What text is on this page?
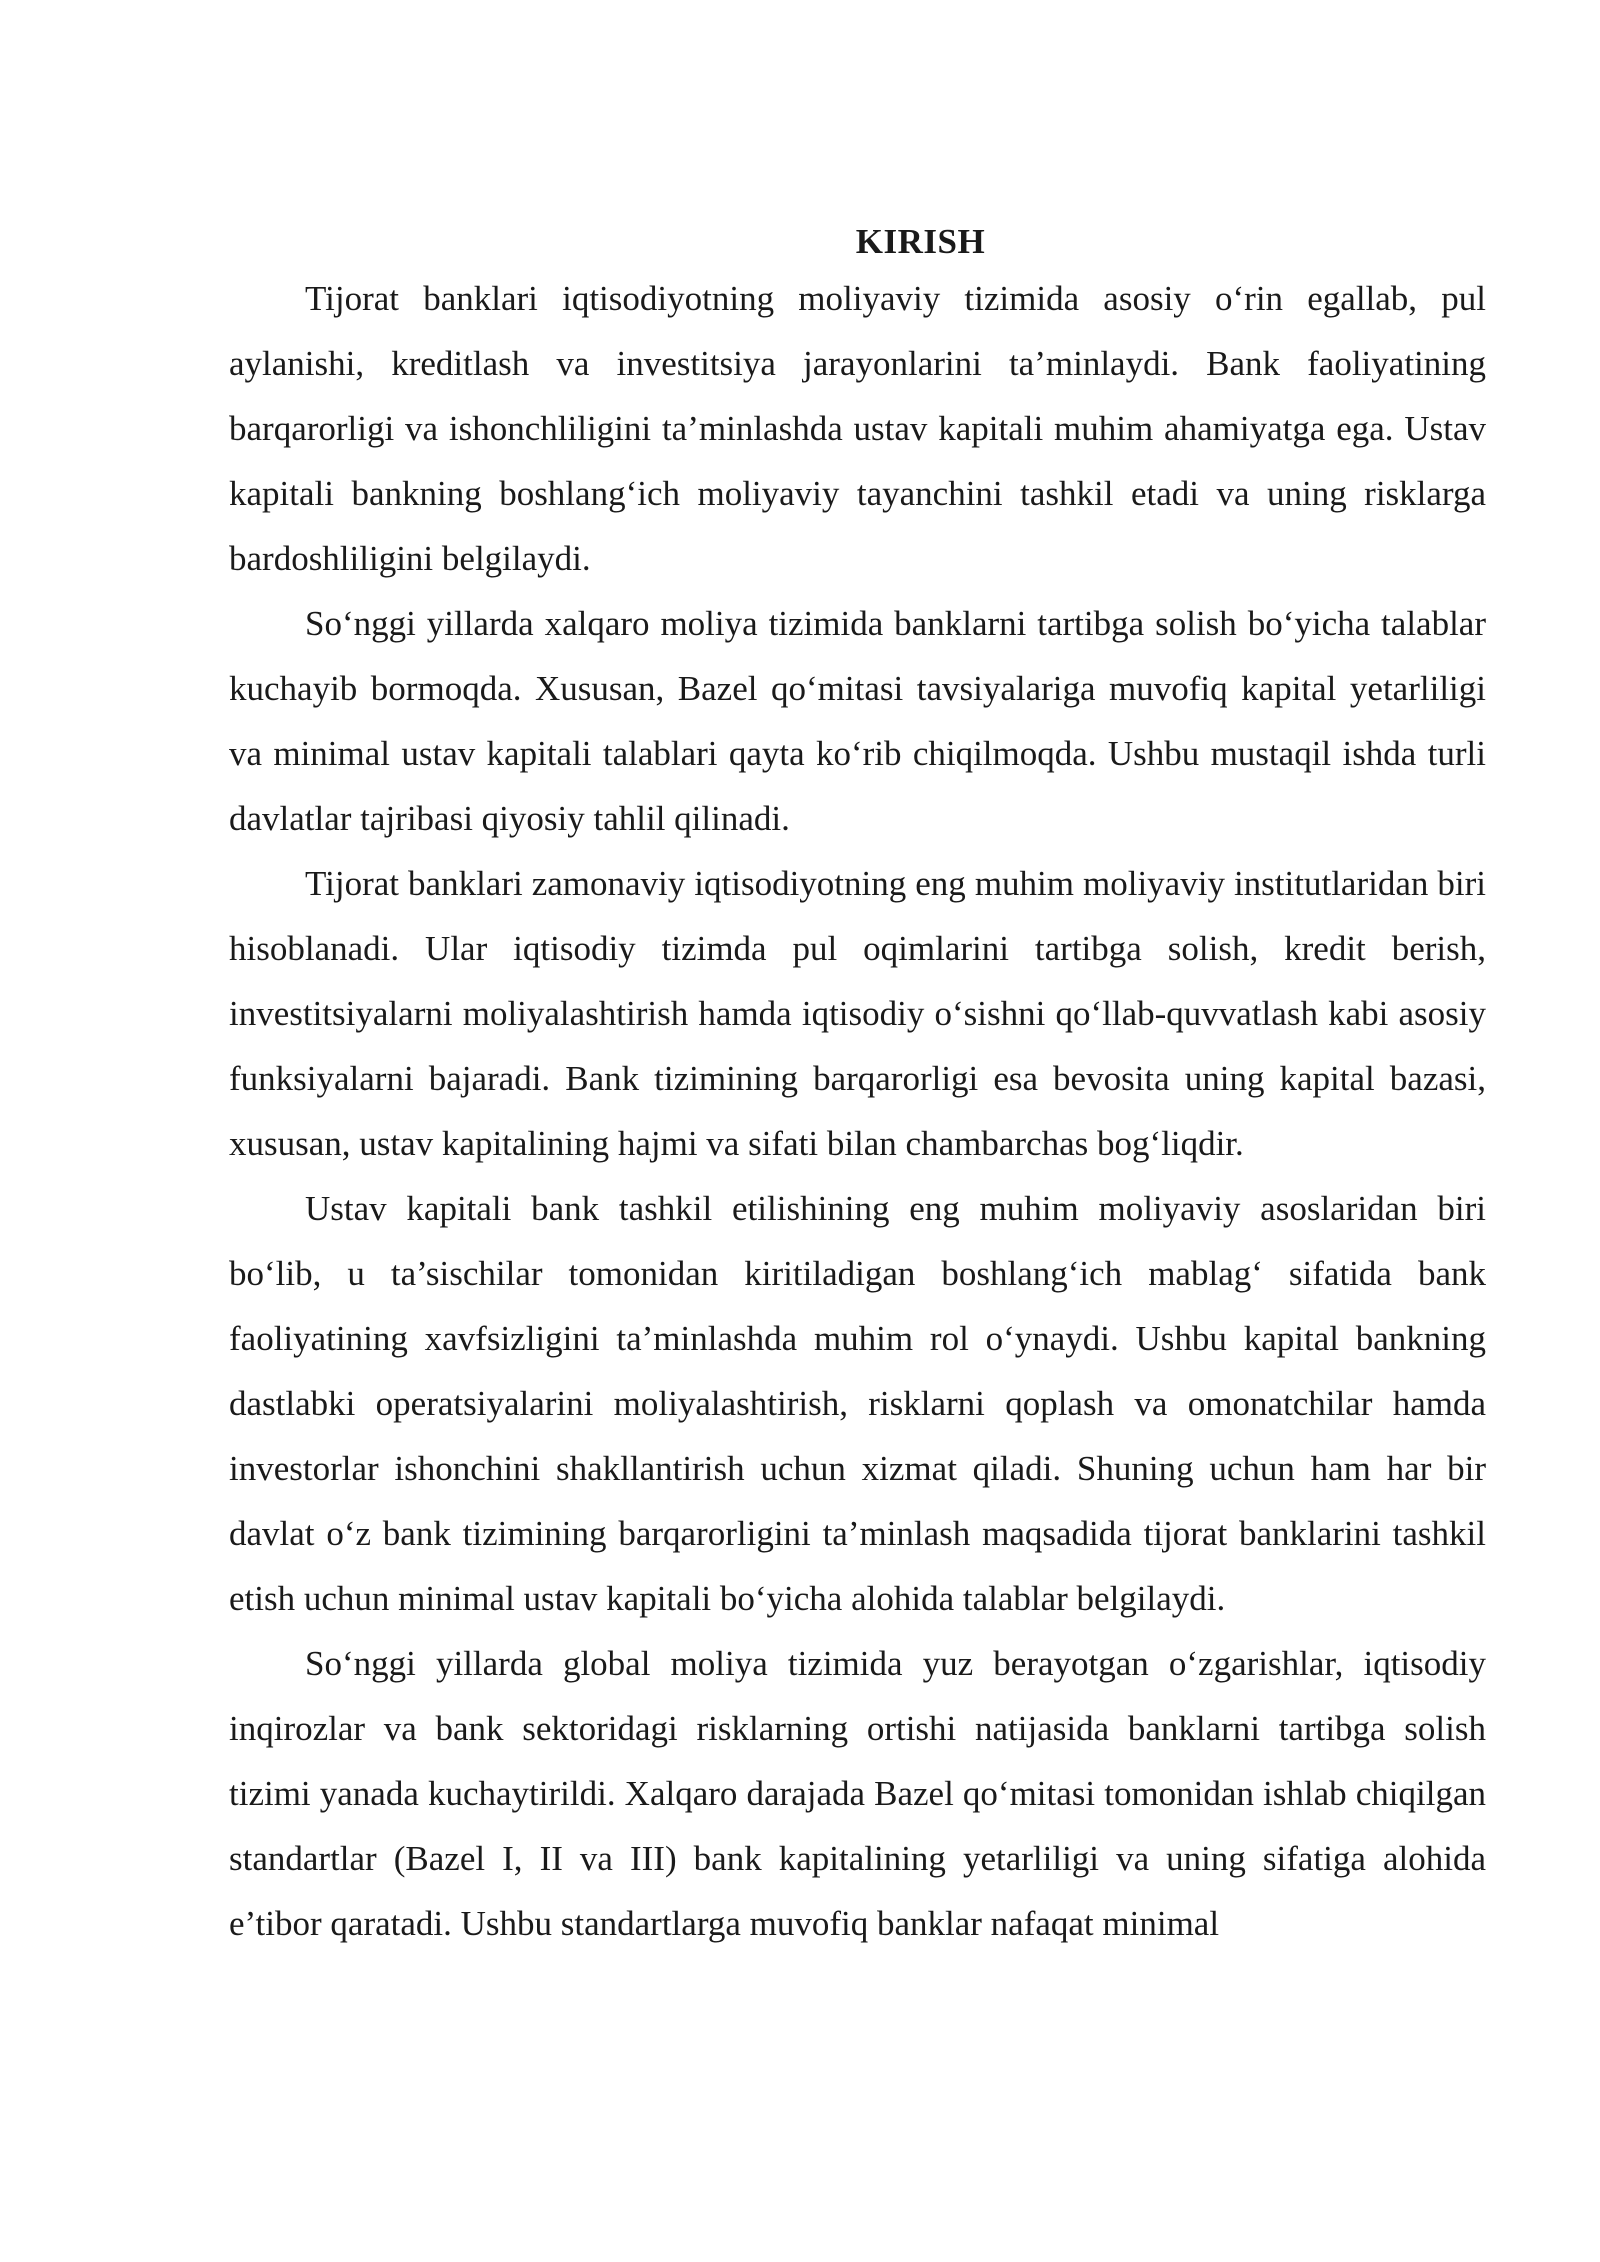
KIRISH

Tijorat banklari iqtisodiyotning moliyaviy tizimida asosiy o‘rin egallab, pul aylanishi, kreditlash va investitsiya jarayonlarini ta’minlaydi. Bank faoliyatining barqarorligi va ishonchliligini ta’minlashda ustav kapitali muhim ahamiyatga ega. Ustav kapitali bankning boshlang‘ich moliyaviy tayanchini tashkil etadi va uning risklarga bardoshliligini belgilaydi.

So‘nggi yillarda xalqaro moliya tizimida banklarni tartibga solish bo‘yicha talablar kuchayib bormoqda. Xususan, Bazel qo‘mitasi tavsiyalariga muvofiq kapital yetarliligi va minimal ustav kapitali talablari qayta ko‘rib chiqilmoqda. Ushbu mustaqil ishda turli davlatlar tajribasi qiyosiy tahlil qilinadi.

Tijorat banklari zamonaviy iqtisodiyotning eng muhim moliyaviy institutlaridan biri hisoblanadi. Ular iqtisodiy tizimda pul oqimlarini tartibga solish, kredit berish, investitsiyalarni moliyalashtirish hamda iqtisodiy o‘sishni qo‘llab-quvvatlash kabi asosiy funksiyalarni bajaradi. Bank tizimining barqarorligi esa bevosita uning kapital bazasi, xususan, ustav kapitalining hajmi va sifati bilan chambarchas bog‘liqdir.

Ustav kapitali bank tashkil etilishining eng muhim moliyaviy asoslaridan biri bo‘lib, u ta’sischilar tomonidan kiritiladigan boshlang‘ich mablag‘ sifatida bank faoliyatining xavfsizligini ta’minlashda muhim rol o‘ynaydi. Ushbu kapital bankning dastlabki operatsiyalarini moliyalashtirish, risklarni qoplash va omonatchilar hamda investorlar ishonchini shakllantirish uchun xizmat qiladi. Shuning uchun ham har bir davlat o‘z bank tizimining barqarorligini ta’minlash maqsadida tijorat banklarini tashkil etish uchun minimal ustav kapitali bo‘yicha alohida talablar belgilaydi.

So‘nggi yillarda global moliya tizimida yuz berayotgan o‘zgarishlar, iqtisodiy inqirozlar va bank sektoridagi risklarning ortishi natijasida banklarni tartibga solish tizimi yanada kuchaytirildi. Xalqaro darajada Bazel qo‘mitasi tomonidan ishlab chiqilgan standartlar (Bazel I, II va III) bank kapitalining yetarliligi va uning sifatiga alohida e’tibor qaratadi. Ushbu standartlarga muvofiq banklar nafaqat minimal
